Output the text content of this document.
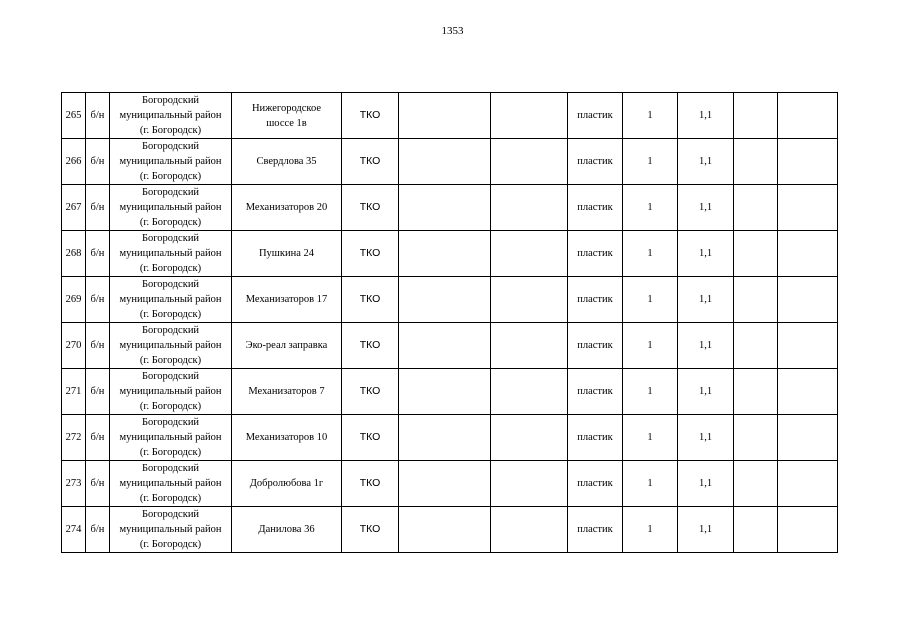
1353
265	б/н	Богородский
муниципальный район
(г. Богородск)	Нижегородское
шоссе 1в	ТКО			пластик	1	1,1		
266	б/н	Богородский
муниципальный район
(г. Богородск)	Свердлова 35	ТКО			пластик	1	1,1		
267	б/н	Богородский
муниципальный район
(г. Богородск)	Механизаторов 20	ТКО			пластик	1	1,1		
268	б/н	Богородский
муниципальный район
(г. Богородск)	Пушкина 24	ТКО			пластик	1	1,1		
269	б/н	Богородский
муниципальный район
(г. Богородск)	Механизаторов 17	ТКО			пластик	1	1,1		
270	б/н	Богородский
муниципальный район
(г. Богородск)	Эко-реал заправка	ТКО			пластик	1	1,1		
271	б/н	Богородский
муниципальный район
(г. Богородск)	Механизаторов 7	ТКО			пластик	1	1,1		
272	б/н	Богородский
муниципальный район
(г. Богородск)	Механизаторов 10	ТКО			пластик	1	1,1		
273	б/н	Богородский
муниципальный район
(г. Богородск)	Добролюбова 1г	ТКО			пластик	1	1,1		
274	б/н	Богородский
муниципальный район
(г. Богородск)	Данилова 36	ТКО			пластик	1	1,1		
